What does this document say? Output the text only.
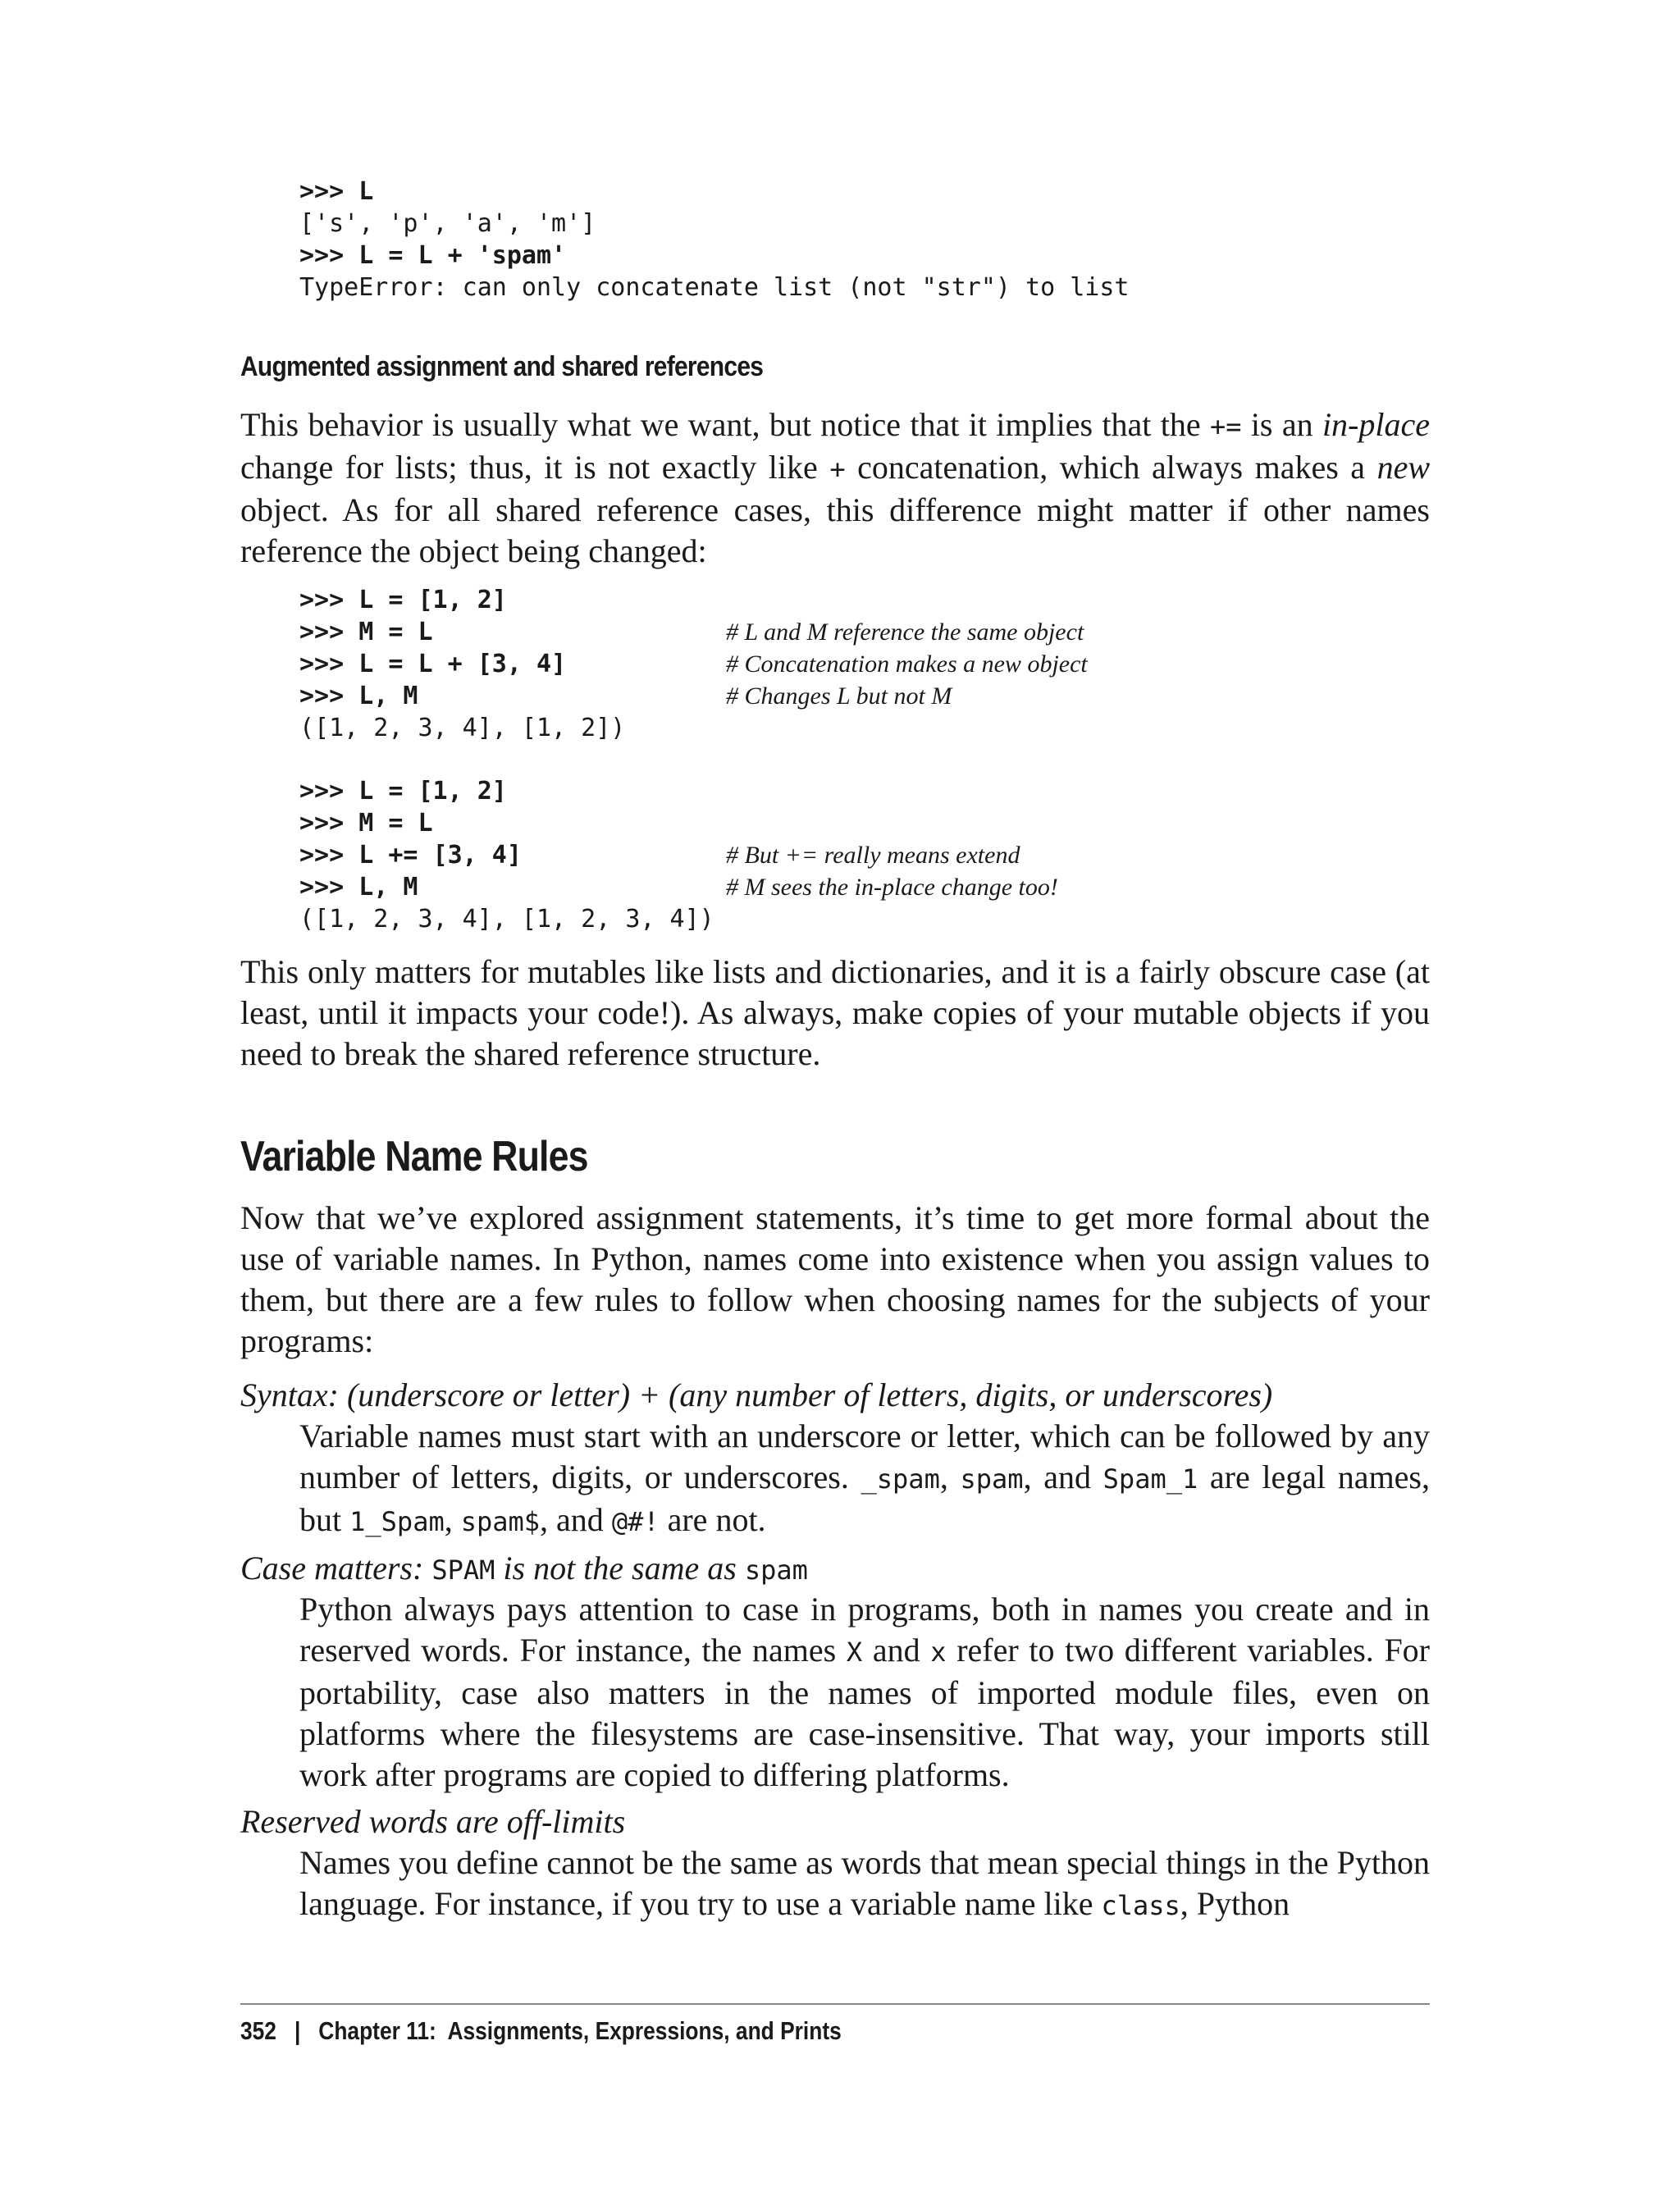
>>> L
['s', 'p', 'a', 'm']
>>> L = L + 'spam'
TypeError: can only concatenate list (not "str") to list
Augmented assignment and shared references
This behavior is usually what we want, but notice that it implies that the += is an in-place change for lists; thus, it is not exactly like + concatenation, which always makes a new object. As for all shared reference cases, this difference might matter if other names reference the object being changed:
>>> L = [1, 2]
>>> M = L	# L and M reference the same object
>>> L = L + [3, 4]	# Concatenation makes a new object
>>> L, M	# Changes L but not M
([1, 2, 3, 4], [1, 2])
>>> L = [1, 2]
>>> M = L
>>> L += [3, 4]	# But += really means extend
>>> L, M	# M sees the in-place change too!
([1, 2, 3, 4], [1, 2, 3, 4])
This only matters for mutables like lists and dictionaries, and it is a fairly obscure case (at least, until it impacts your code!). As always, make copies of your mutable objects if you need to break the shared reference structure.
Variable Name Rules
Now that we’ve explored assignment statements, it’s time to get more formal about the use of variable names. In Python, names come into existence when you assign values to them, but there are a few rules to follow when choosing names for the subjects of your programs:
Syntax: (underscore or letter) + (any number of letters, digits, or underscores)
Variable names must start with an underscore or letter, which can be followed by any number of letters, digits, or underscores. _spam, spam, and Spam_1 are legal names, but 1_Spam, spam$, and @#! are not.
Case matters: SPAM is not the same as spam
Python always pays attention to case in programs, both in names you create and in reserved words. For instance, the names X and x refer to two different variables. For portability, case also matters in the names of imported module files, even on platforms where the filesystems are case-insensitive. That way, your imports still work after programs are copied to differing platforms.
Reserved words are off-limits
Names you define cannot be the same as words that mean special things in the Python language. For instance, if you try to use a variable name like class, Python
352 | Chapter 11:  Assignments, Expressions, and Prints
